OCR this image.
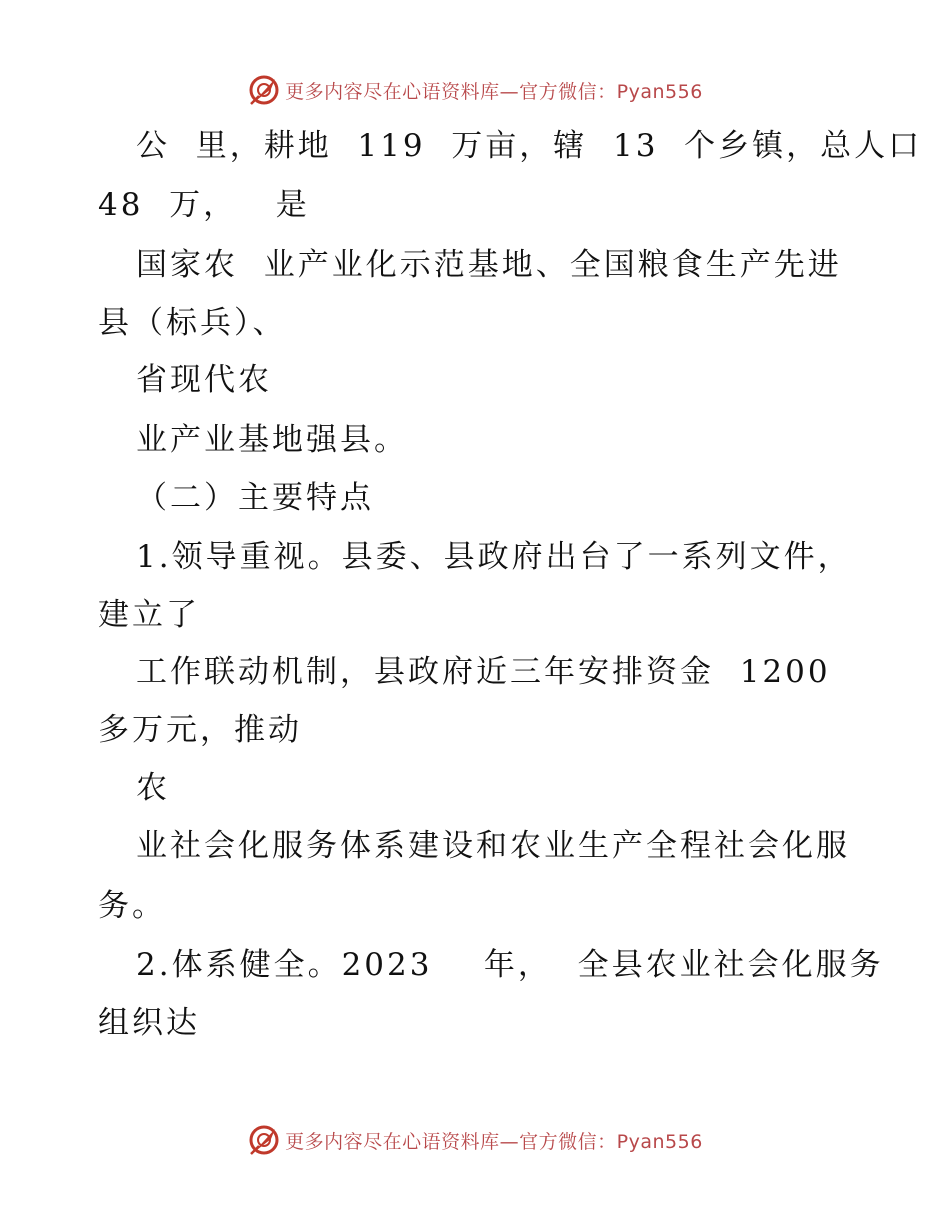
更多内容尽在心语资料库—官方微信：Pyan556
公  里，耕地  119  万亩，辖  13  个乡镇，总人口
48  万，   是
国家农  业产业化示范基地、全国粮食生产先进
县（标兵）、
省现代农
业产业基地强县。
（二）主要特点
1.领导重视。县委、县政府出台了一系列文件，
建立了
工作联动机制，县政府近三年安排资金  1200
多万元，推动
农
业社会化服务体系建设和农业生产全程社会化服
务。
2.体系健全。2023    年，  全县农业社会化服务
组织达
更多内容尽在心语资料库—官方微信：Pyan556
